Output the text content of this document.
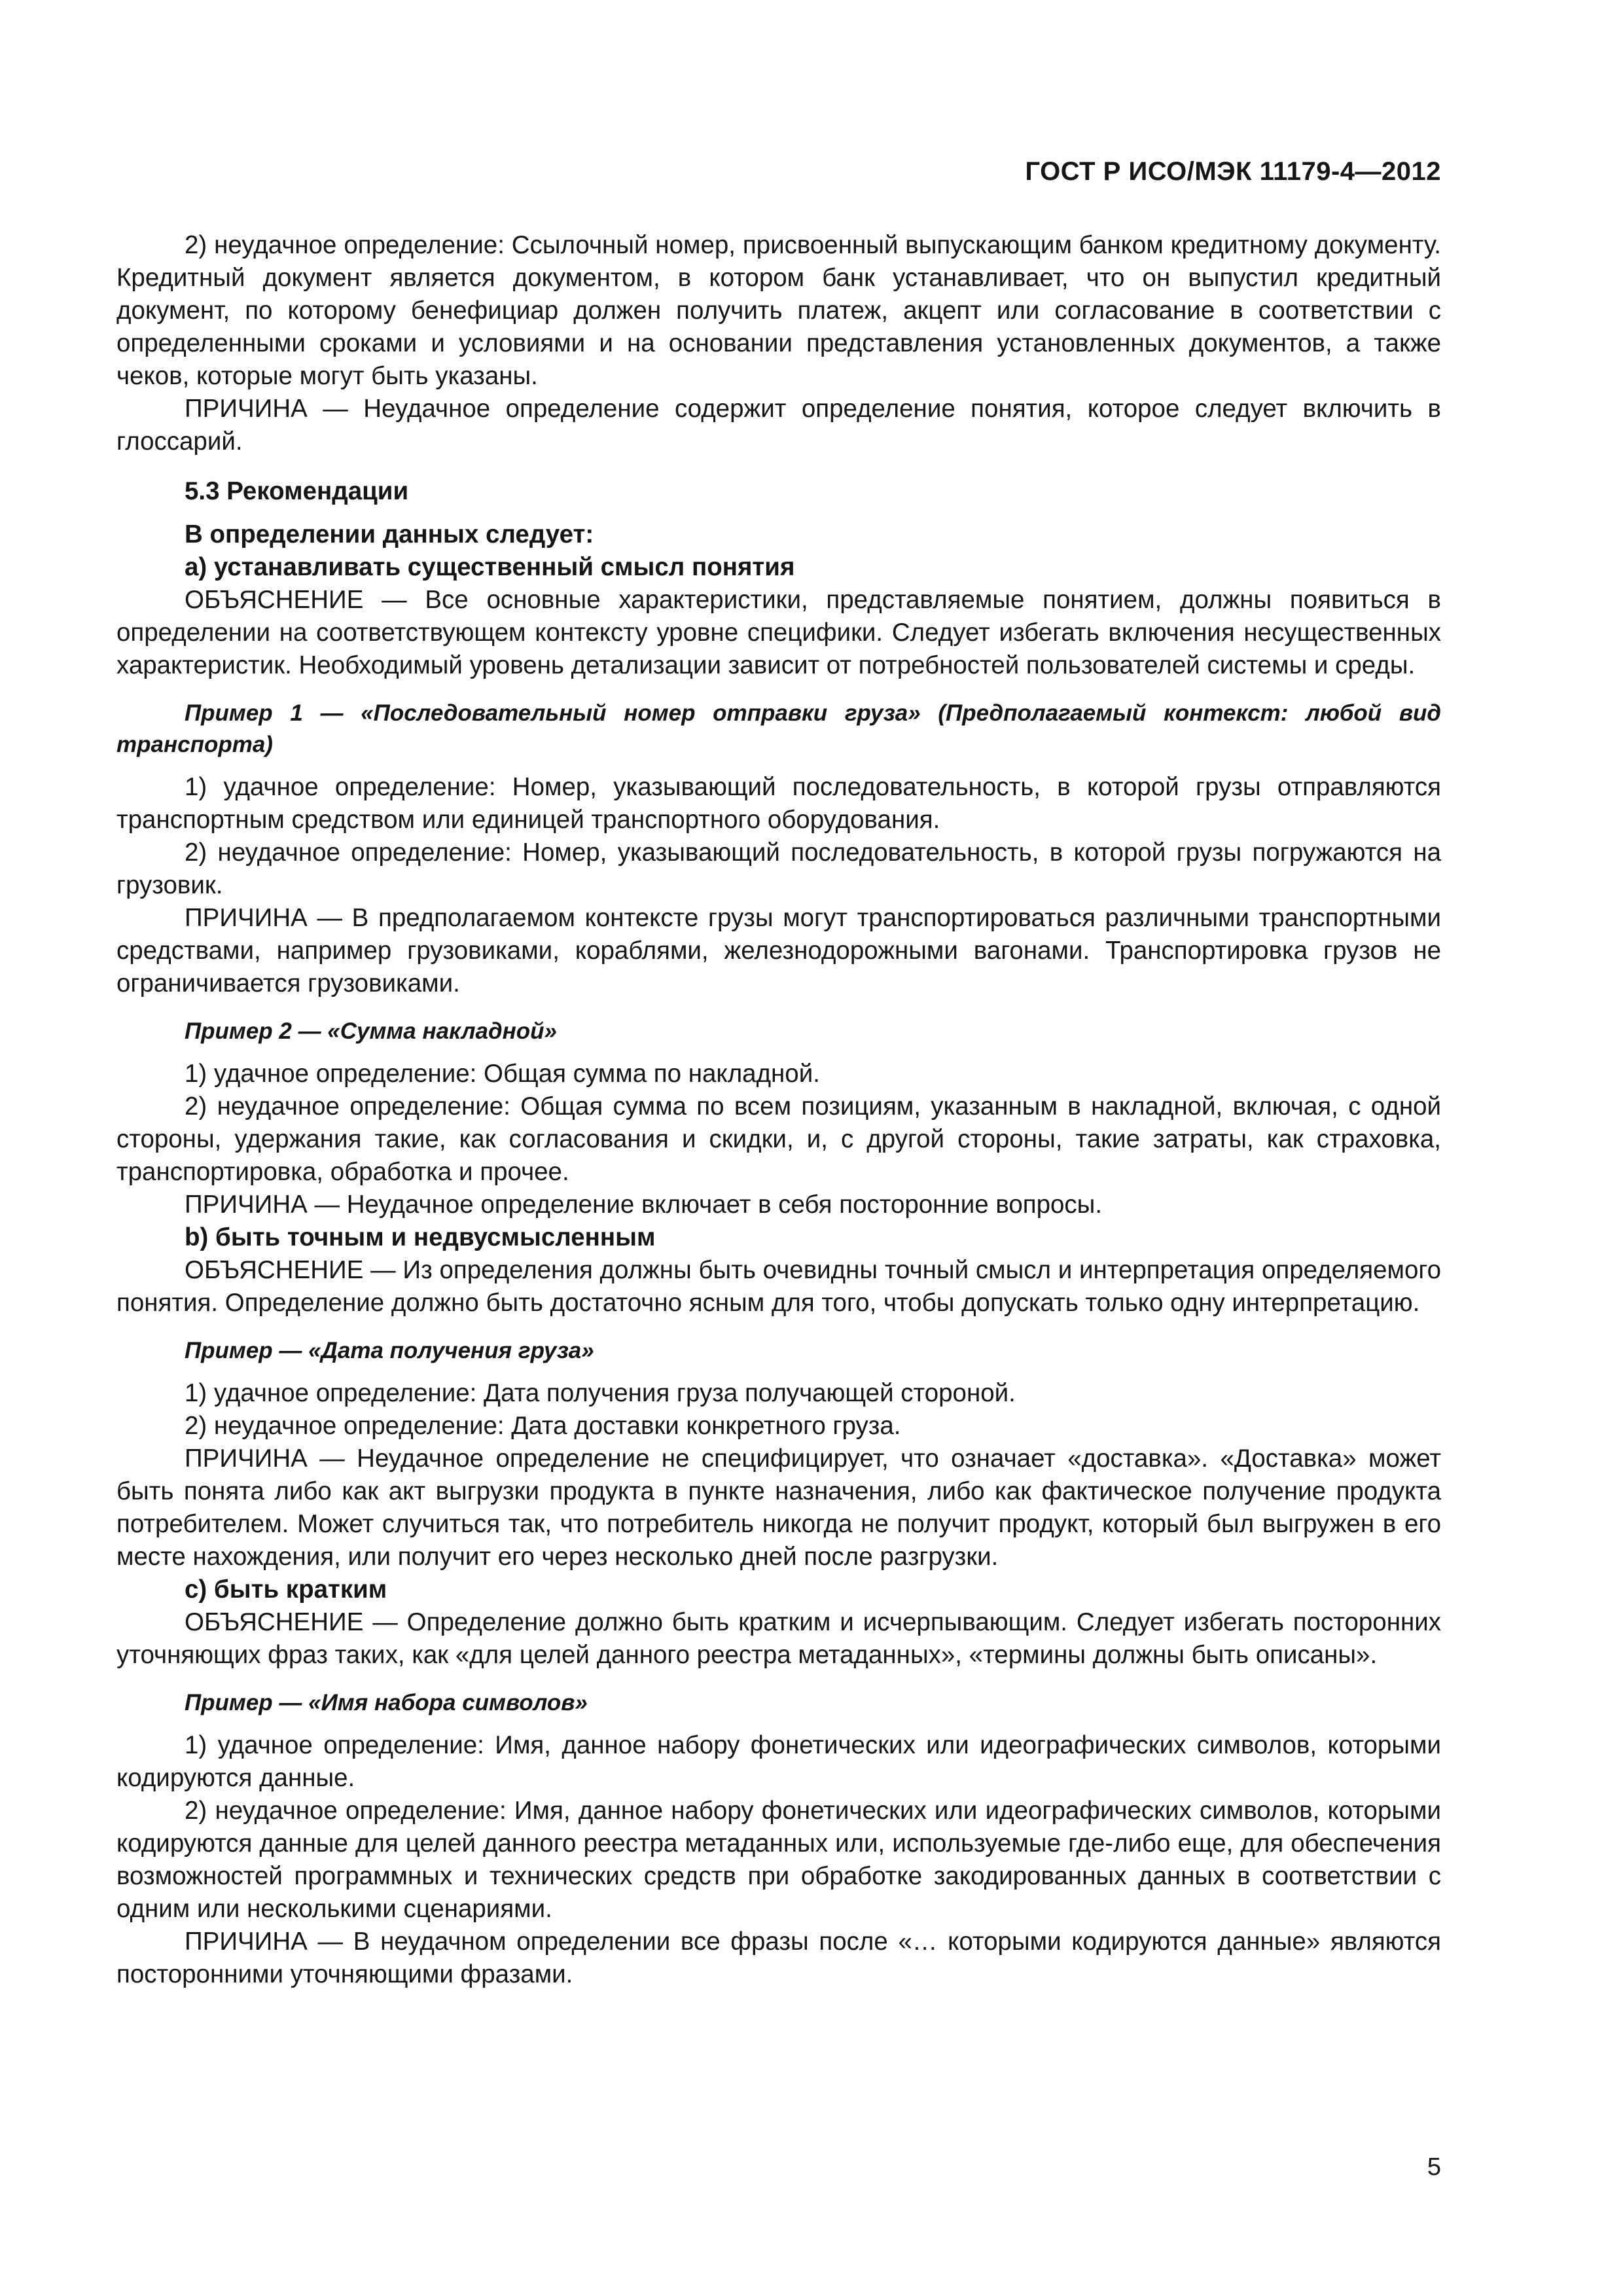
ГОСТ Р ИСО/МЭК 11179-4—2012

2) неудачное определение: Ссылочный номер, присвоенный выпускающим банком кредитному документу. Кредитный документ является документом, в котором банк устанавливает, что он выпустил кредитный документ, по которому бенефициар должен получить платеж, акцепт или согласование в соответствии с определенными сроками и условиями и на основании представления установленных документов, а также чеков, которые могут быть указаны.

ПРИЧИНА — Неудачное определение содержит определение понятия, которое следует включить в глоссарий.

5.3 Рекомендации

В определении данных следует:

a) устанавливать существенный смысл понятия

ОБЪЯСНЕНИЕ — Все основные характеристики, представляемые понятием, должны появиться в определении на соответствующем контексту уровне специфики. Следует избегать включения несущественных характеристик. Необходимый уровень детализации зависит от потребностей пользователей системы и среды.

Пример 1 — «Последовательный номер отправки груза» (Предполагаемый контекст: любой вид транспорта)

1) удачное определение: Номер, указывающий последовательность, в которой грузы отправляются транспортным средством или единицей транспортного оборудования.

2) неудачное определение: Номер, указывающий последовательность, в которой грузы погружаются на грузовик.

ПРИЧИНА — В предполагаемом контексте грузы могут транспортироваться различными транспортными средствами, например грузовиками, кораблями, железнодорожными вагонами. Транспортировка грузов не ограничивается грузовиками.

Пример 2 — «Сумма накладной»

1) удачное определение: Общая сумма по накладной.

2) неудачное определение: Общая сумма по всем позициям, указанным в накладной, включая, с одной стороны, удержания такие, как согласования и скидки, и, с другой стороны, такие затраты, как страховка, транспортировка, обработка и прочее.

ПРИЧИНА — Неудачное определение включает в себя посторонние вопросы.

b) быть точным и недвусмысленным

ОБЪЯСНЕНИЕ — Из определения должны быть очевидны точный смысл и интерпретация определяемого понятия. Определение должно быть достаточно ясным для того, чтобы допускать только одну интерпретацию.

Пример — «Дата получения груза»

1) удачное определение: Дата получения груза получающей стороной.

2) неудачное определение: Дата доставки конкретного груза.

ПРИЧИНА — Неудачное определение не специфицирует, что означает «доставка». «Доставка» может быть понята либо как акт выгрузки продукта в пункте назначения, либо как фактическое получение продукта потребителем. Может случиться так, что потребитель никогда не получит продукт, который был выгружен в его месте нахождения, или получит его через несколько дней после разгрузки.

c) быть кратким

ОБЪЯСНЕНИЕ — Определение должно быть кратким и исчерпывающим. Следует избегать посторонних уточняющих фраз таких, как «для целей данного реестра метаданных», «термины должны быть описаны».

Пример — «Имя набора символов»

1) удачное определение: Имя, данное набору фонетических или идеографических символов, которыми кодируются данные.

2) неудачное определение: Имя, данное набору фонетических или идеографических символов, которыми кодируются данные для целей данного реестра метаданных или, используемые где-либо еще, для обеспечения возможностей программных и технических средств при обработке закодированных данных в соответствии с одним или несколькими сценариями.

ПРИЧИНА — В неудачном определении все фразы после «… которыми кодируются данные» являются посторонними уточняющими фразами.

5
